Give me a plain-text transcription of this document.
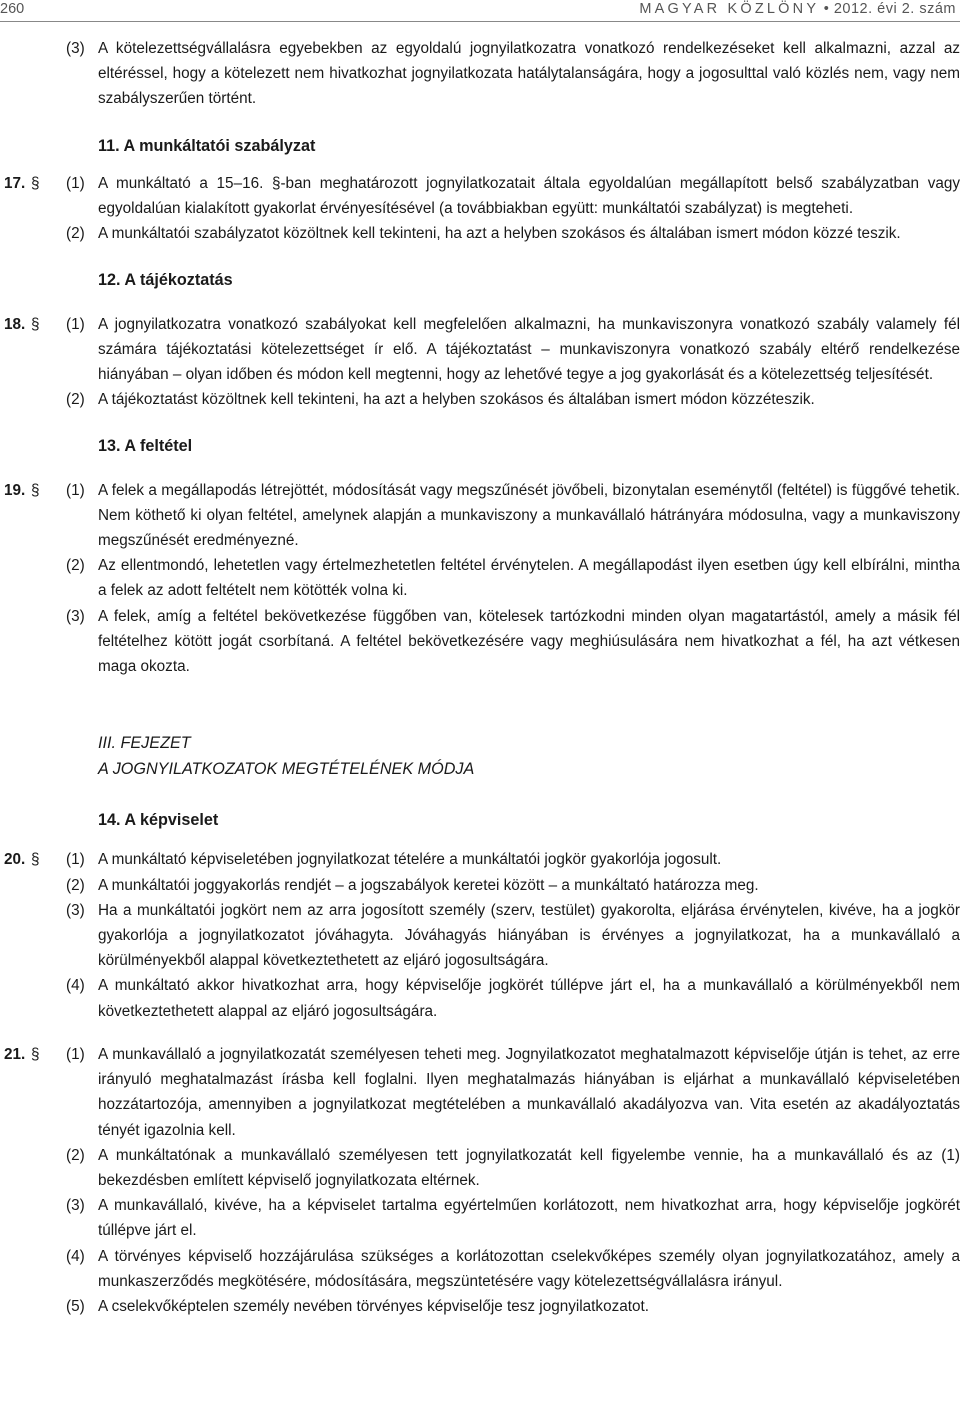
260	MAGYAR KÖZLÖNY • 2012. évi 2. szám

(3) A kötelezettségvállalásra egyebekben az egyoldalú jognyilatkozatra vonatkozó rendelkezéseket kell alkalmazni, azzal az eltéréssel, hogy a kötelezett nem hivatkozhat jognyilatkozata hatálytalanságára, hogy a jogosulttal való közlés nem, vagy nem szabályszerűen történt.

11. A munkáltatói szabályzat
17. § (1) A munkáltató a 15–16. §-ban meghatározott jognyilatkozatait általa egyoldalúan megállapított belső szabályzatban vagy egyoldalúan kialakított gyakorlat érvényesítésével (a továbbiakban együtt: munkáltatói szabályzat) is megteheti.

(2) A munkáltatói szabályzatot közöltnek kell tekinteni, ha azt a helyben szokásos és általában ismert módon közzé teszik.

12. A tájékoztatás
18. § (1) A jognyilatkozatra vonatkozó szabályokat kell megfelelően alkalmazni, ha munkaviszonyra vonatkozó szabály valamely fél számára tájékoztatási kötelezettséget ír elő. A tájékoztatást – munkaviszonyra vonatkozó szabály eltérő rendelkezése hiányában – olyan időben és módon kell megtenni, hogy az lehetővé tegye a jog gyakorlását és a kötelezettség teljesítését.

(2) A tájékoztatást közöltnek kell tekinteni, ha azt a helyben szokásos és általában ismert módon közzéteszik.

13. A feltétel
19. § (1) A felek a megállapodás létrejöttét, módosítását vagy megszűnését jövőbeli, bizonytalan eseménytől (feltétel) is függővé tehetik. Nem köthető ki olyan feltétel, amelynek alapján a munkaviszony a munkavállaló hátrányára módosulna, vagy a munkaviszony megszűnését eredményezné.

(2) Az ellentmondó, lehetetlen vagy értelmezhetetlen feltétel érvénytelen. A megállapodást ilyen esetben úgy kell elbírálni, mintha a felek az adott feltételt nem kötötték volna ki.

(3) A felek, amíg a feltétel bekövetkezése függőben van, kötelesek tartózkodni minden olyan magatartástól, amely a másik fél feltételhez kötött jogát csorbítaná. A feltétel bekövetkezésére vagy meghiúsulására nem hivatkozhat a fél, ha azt vétkesen maga okozta.

III. FEJEZET
A JOGNYILATKOZATOK MEGTÉTELÉNEK MÓDJA
14. A képviselet
20. § (1) A munkáltató képviseletében jognyilatkozat tételére a munkáltatói jogkör gyakorlója jogosult.

(2) A munkáltatói joggyakorlás rendjét – a jogszabályok keretei között – a munkáltató határozza meg.

(3) Ha a munkáltatói jogkört nem az arra jogosított személy (szerv, testület) gyakorolta, eljárása érvénytelen, kivéve, ha a jogkör gyakorlója a jognyilatkozatot jóváhagyta. Jóváhagyás hiányában is érvényes a jognyilatkozat, ha a munkavállaló a körülményekből alappal következtethetett az eljáró jogosultságára.

(4) A munkáltató akkor hivatkozhat arra, hogy képviselője jogkörét túllépve járt el, ha a munkavállaló a körülményekből nem következtethetett alappal az eljáró jogosultságára.

21. § (1) A munkavállaló a jognyilatkozatát személyesen teheti meg. Jognyilatkozatot meghatalmazott képviselője útján is tehet, az erre irányuló meghatalmazást írásba kell foglalni. Ilyen meghatalmazás hiányában is eljárhat a munkavállaló képviseletében hozzátartozója, amennyiben a jognyilatkozat megtételében a munkavállaló akadályozva van. Vita esetén az akadályoztatás tényét igazolnia kell.

(2) A munkáltatónak a munkavállaló személyesen tett jognyilatkozatát kell figyelembe vennie, ha a munkavállaló és az (1) bekezdésben említett képviselő jognyilatkozata eltérnek.

(3) A munkavállaló, kivéve, ha a képviselet tartalma egyértelműen korlátozott, nem hivatkozhat arra, hogy képviselője jogkörét túllépve járt el.

(4) A törvényes képviselő hozzájárulása szükséges a korlátozottan cselekvőképes személy olyan jognyilatkozatához, amely a munkaszerződés megkötésére, módosítására, megszüntetésére vagy kötelezettségvállalásra irányul.

(5) A cselekvőképtelen személy nevében törvényes képviselője tesz jognyilatkozatot.
